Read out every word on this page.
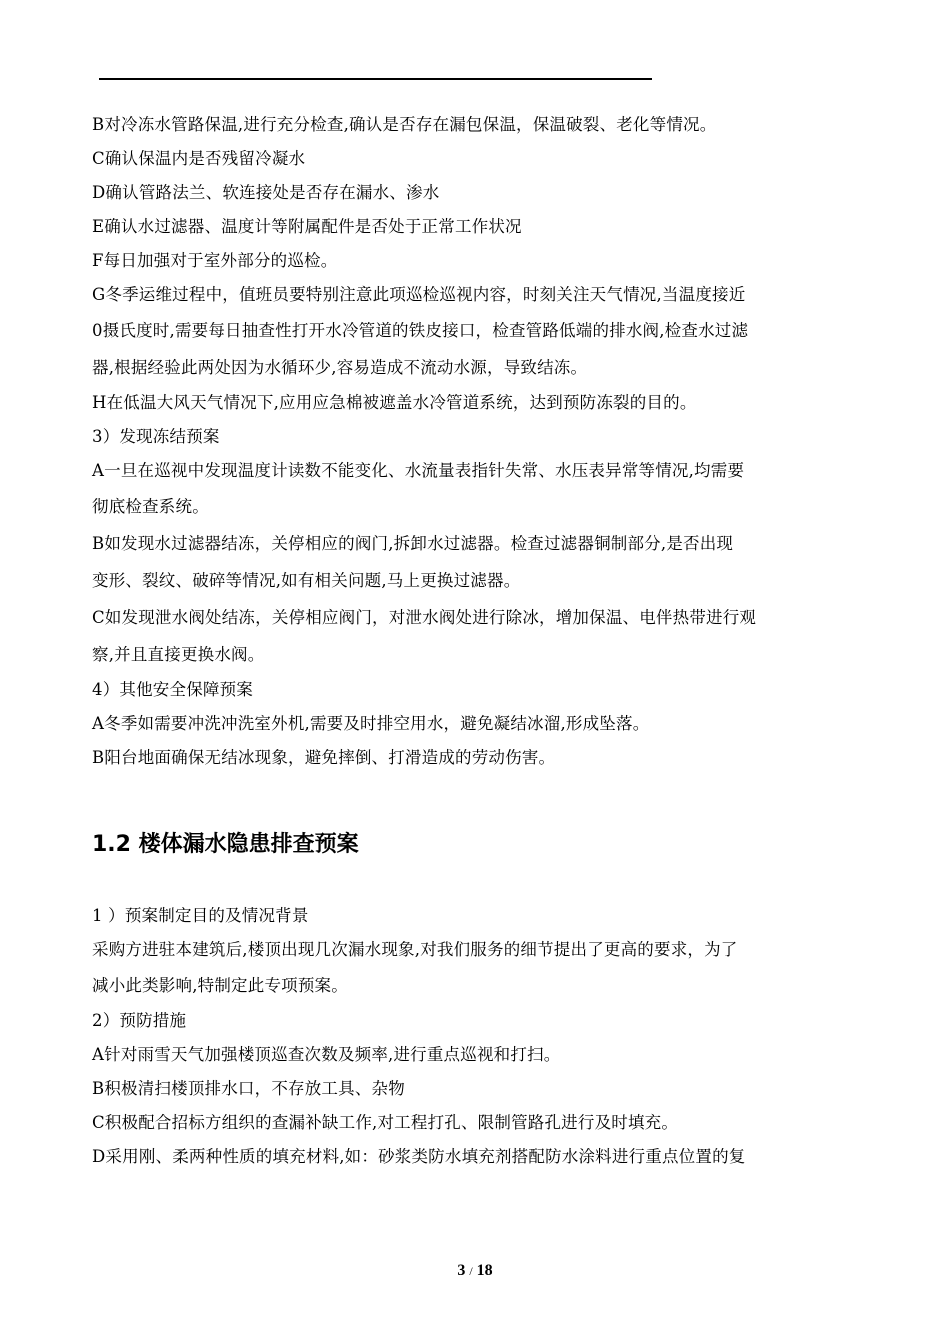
B对冷冻水管路保温,进行充分检查,确认是否存在漏包保温，保温破裂、老化等情况。
C确认保温内是否残留冷凝水
D确认管路法兰、软连接处是否存在漏水、渗水
E确认水过滤器、温度计等附属配件是否处于正常工作状况
F每日加强对于室外部分的巡检。
G冬季运维过程中，值班员要特别注意此项巡检巡视内容，时刻关注天气情况,当温度接近
0摄氏度时,需要每日抽查性打开水冷管道的铁皮接口，检查管路低端的排水阀,检查水过滤
器,根据经验此两处因为水循环少,容易造成不流动水源，导致结冻。
H在低温大风天气情况下,应用应急棉被遮盖水冷管道系统，达到预防冻裂的目的。
3）发现冻结预案
A一旦在巡视中发现温度计读数不能变化、水流量表指针失常、水压表异常等情况,均需要
彻底检查系统。
B如发现水过滤器结冻，关停相应的阀门,拆卸水过滤器。检查过滤器铜制部分,是否出现
变形、裂纹、破碎等情况,如有相关问题,马上更换过滤器。
C如发现泄水阀处结冻，关停相应阀门，对泄水阀处进行除冰，增加保温、电伴热带进行观
察,并且直接更换水阀。
4）其他安全保障预案
A冬季如需要冲洗冲洗室外机,需要及时排空用水，避免凝结冰溜,形成坠落。
B阳台地面确保无结冰现象，避免摔倒、打滑造成的劳动伤害。
1.2 楼体漏水隐患排查预案
1 ）预案制定目的及情况背景
采购方进驻本建筑后,楼顶出现几次漏水现象,对我们服务的细节提出了更高的要求，为了
减小此类影响,特制定此专项预案。
2）预防措施
A针对雨雪天气加强楼顶巡查次数及频率,进行重点巡视和打扫。
B积极清扫楼顶排水口，不存放工具、杂物
C积极配合招标方组织的查漏补缺工作,对工程打孔、限制管路孔进行及时填充。
D采用刚、柔两种性质的填充材料,如：砂浆类防水填充剂搭配防水涂料进行重点位置的复
3 / 18
